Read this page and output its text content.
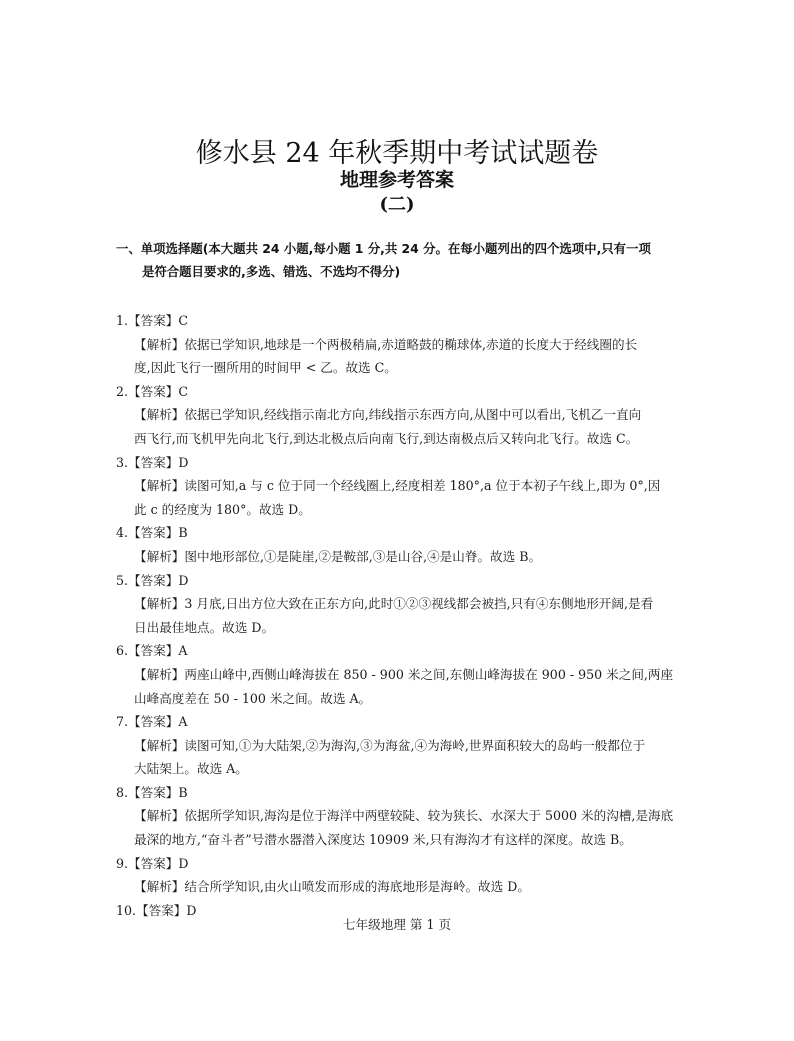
修水县 24 年秋季期中考试试题卷
地理参考答案
(二)
一、单项选择题(本大题共 24 小题,每小题 1 分,共 24 分。在每小题列出的四个选项中,只有一项
是符合题目要求的,多选、错选、不选均不得分)
1.【答案】C
【解析】依据已学知识,地球是一个两极稍扁,赤道略鼓的椭球体,赤道的长度大于经线圈的长
度,因此飞行一圈所用的时间甲 < 乙。故选 C。
2.【答案】C
【解析】依据已学知识,经线指示南北方向,纬线指示东西方向,从图中可以看出,飞机乙一直向
西飞行,而飞机甲先向北飞行,到达北极点后向南飞行,到达南极点后又转向北飞行。故选 C。
3.【答案】D
【解析】读图可知,a 与 c 位于同一个经线圈上,经度相差 180°,a 位于本初子午线上,即为 0°,因
此 c 的经度为 180°。故选 D。
4.【答案】B
【解析】图中地形部位,①是陡崖,②是鞍部,③是山谷,④是山脊。故选 B。
5.【答案】D
【解析】3 月底,日出方位大致在正东方向,此时①②③视线都会被挡,只有④东侧地形开阔,是看
日出最佳地点。故选 D。
6.【答案】A
【解析】两座山峰中,西侧山峰海拔在 850 - 900 米之间,东侧山峰海拔在 900 - 950 米之间,两座
山峰高度差在 50 - 100 米之间。故选 A。
7.【答案】A
【解析】读图可知,①为大陆架,②为海沟,③为海盆,④为海岭,世界面积较大的岛屿一般都位于
大陆架上。故选 A。
8.【答案】B
【解析】依据所学知识,海沟是位于海洋中两壁较陡、较为狭长、水深大于 5000 米的沟槽,是海底
最深的地方,“奋斗者”号潜水器潜入深度达 10909 米,只有海沟才有这样的深度。故选 B。
9.【答案】D
【解析】结合所学知识,由火山喷发而形成的海底地形是海岭。故选 D。
10.【答案】D
七年级地理 第 1 页
